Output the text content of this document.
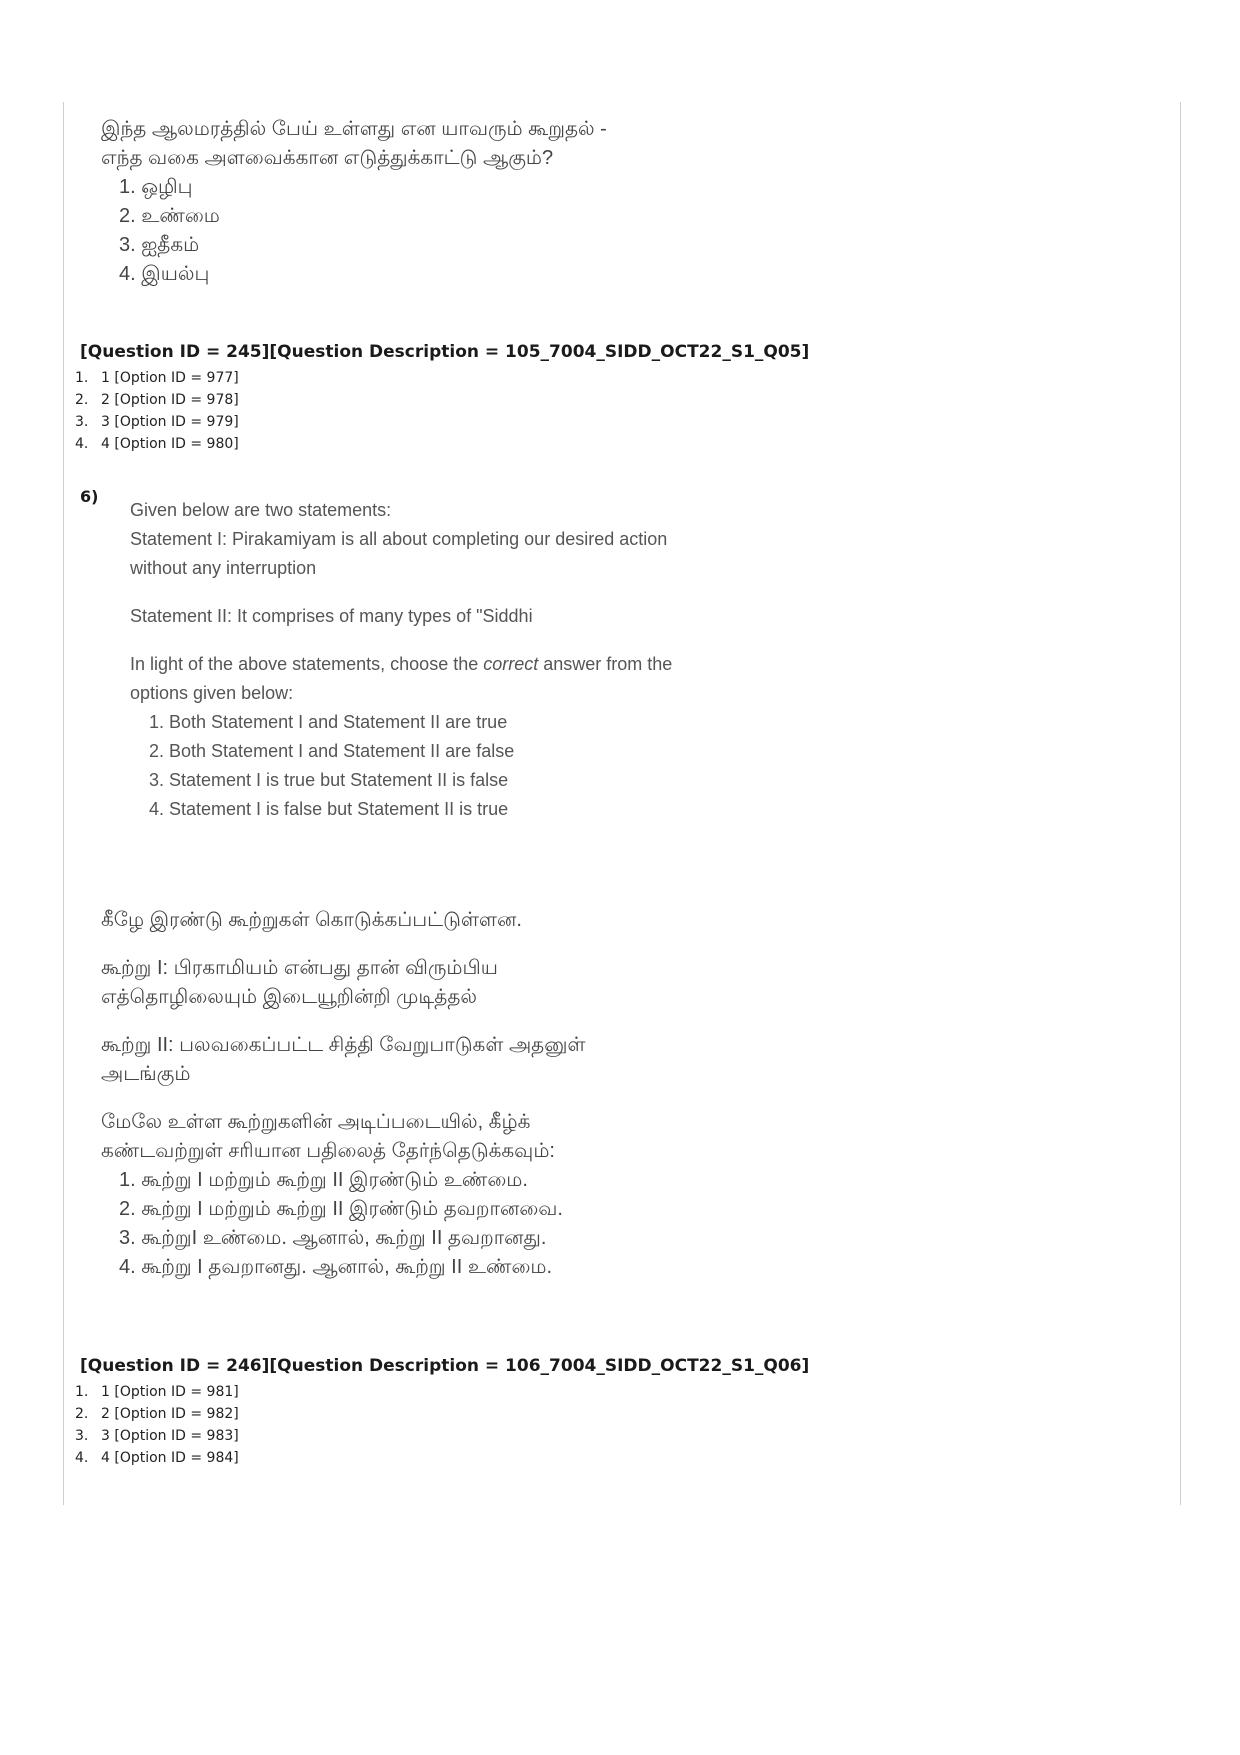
இந்த ஆலமரத்தில் பேய் உள்ளது என யாவரும் கூறுதல் -
எந்த வகை அளவைக்கான எடுத்துக்காட்டு ஆகும்?
1. ஒழிபு
2. உண்மை
3. ஐதீகம்
4. இயல்பு
[Question ID = 245][Question Description = 105_7004_SIDD_OCT22_S1_Q05]
1. 1 [Option ID = 977]
2. 2 [Option ID = 978]
3. 3 [Option ID = 979]
4. 4 [Option ID = 980]
6)
Given below are two statements:
Statement I: Pirakamiyam is all about completing our desired action
without any interruption
Statement II: It comprises of many types of "Siddhi
In light of the above statements, choose the correct answer from the
options given below:
1. Both Statement I and Statement II are true
2. Both Statement I and Statement II are false
3. Statement I is true but Statement II is false
4. Statement I is false but Statement II is true
கீழே இரண்டு கூற்றுகள் கொடுக்கப்பட்டுள்ளன.
கூற்று I: பிரகாமியம் என்பது தான் விரும்பிய
எத்தொழிலையும் இடையூறின்றி முடித்தல்
கூற்று II: பலவகைப்பட்ட சித்தி வேறுபாடுகள் அதனுள்
அடங்கும்
மேலே உள்ள கூற்றுகளின் அடிப்படையில், கீழ்க்
கண்டவற்றுள் சரியான பதிலைத் தேர்ந்தெடுக்கவும்:
1. கூற்று I மற்றும் கூற்று II இரண்டும் உண்மை.
2. கூற்று I மற்றும் கூற்று II இரண்டும் தவறானவை.
3. கூற்றுI உண்மை. ஆனால், கூற்று II தவறானது.
4. கூற்று I தவறானது. ஆனால், கூற்று II உண்மை.
[Question ID = 246][Question Description = 106_7004_SIDD_OCT22_S1_Q06]
1. 1 [Option ID = 981]
2. 2 [Option ID = 982]
3. 3 [Option ID = 983]
4. 4 [Option ID = 984]
